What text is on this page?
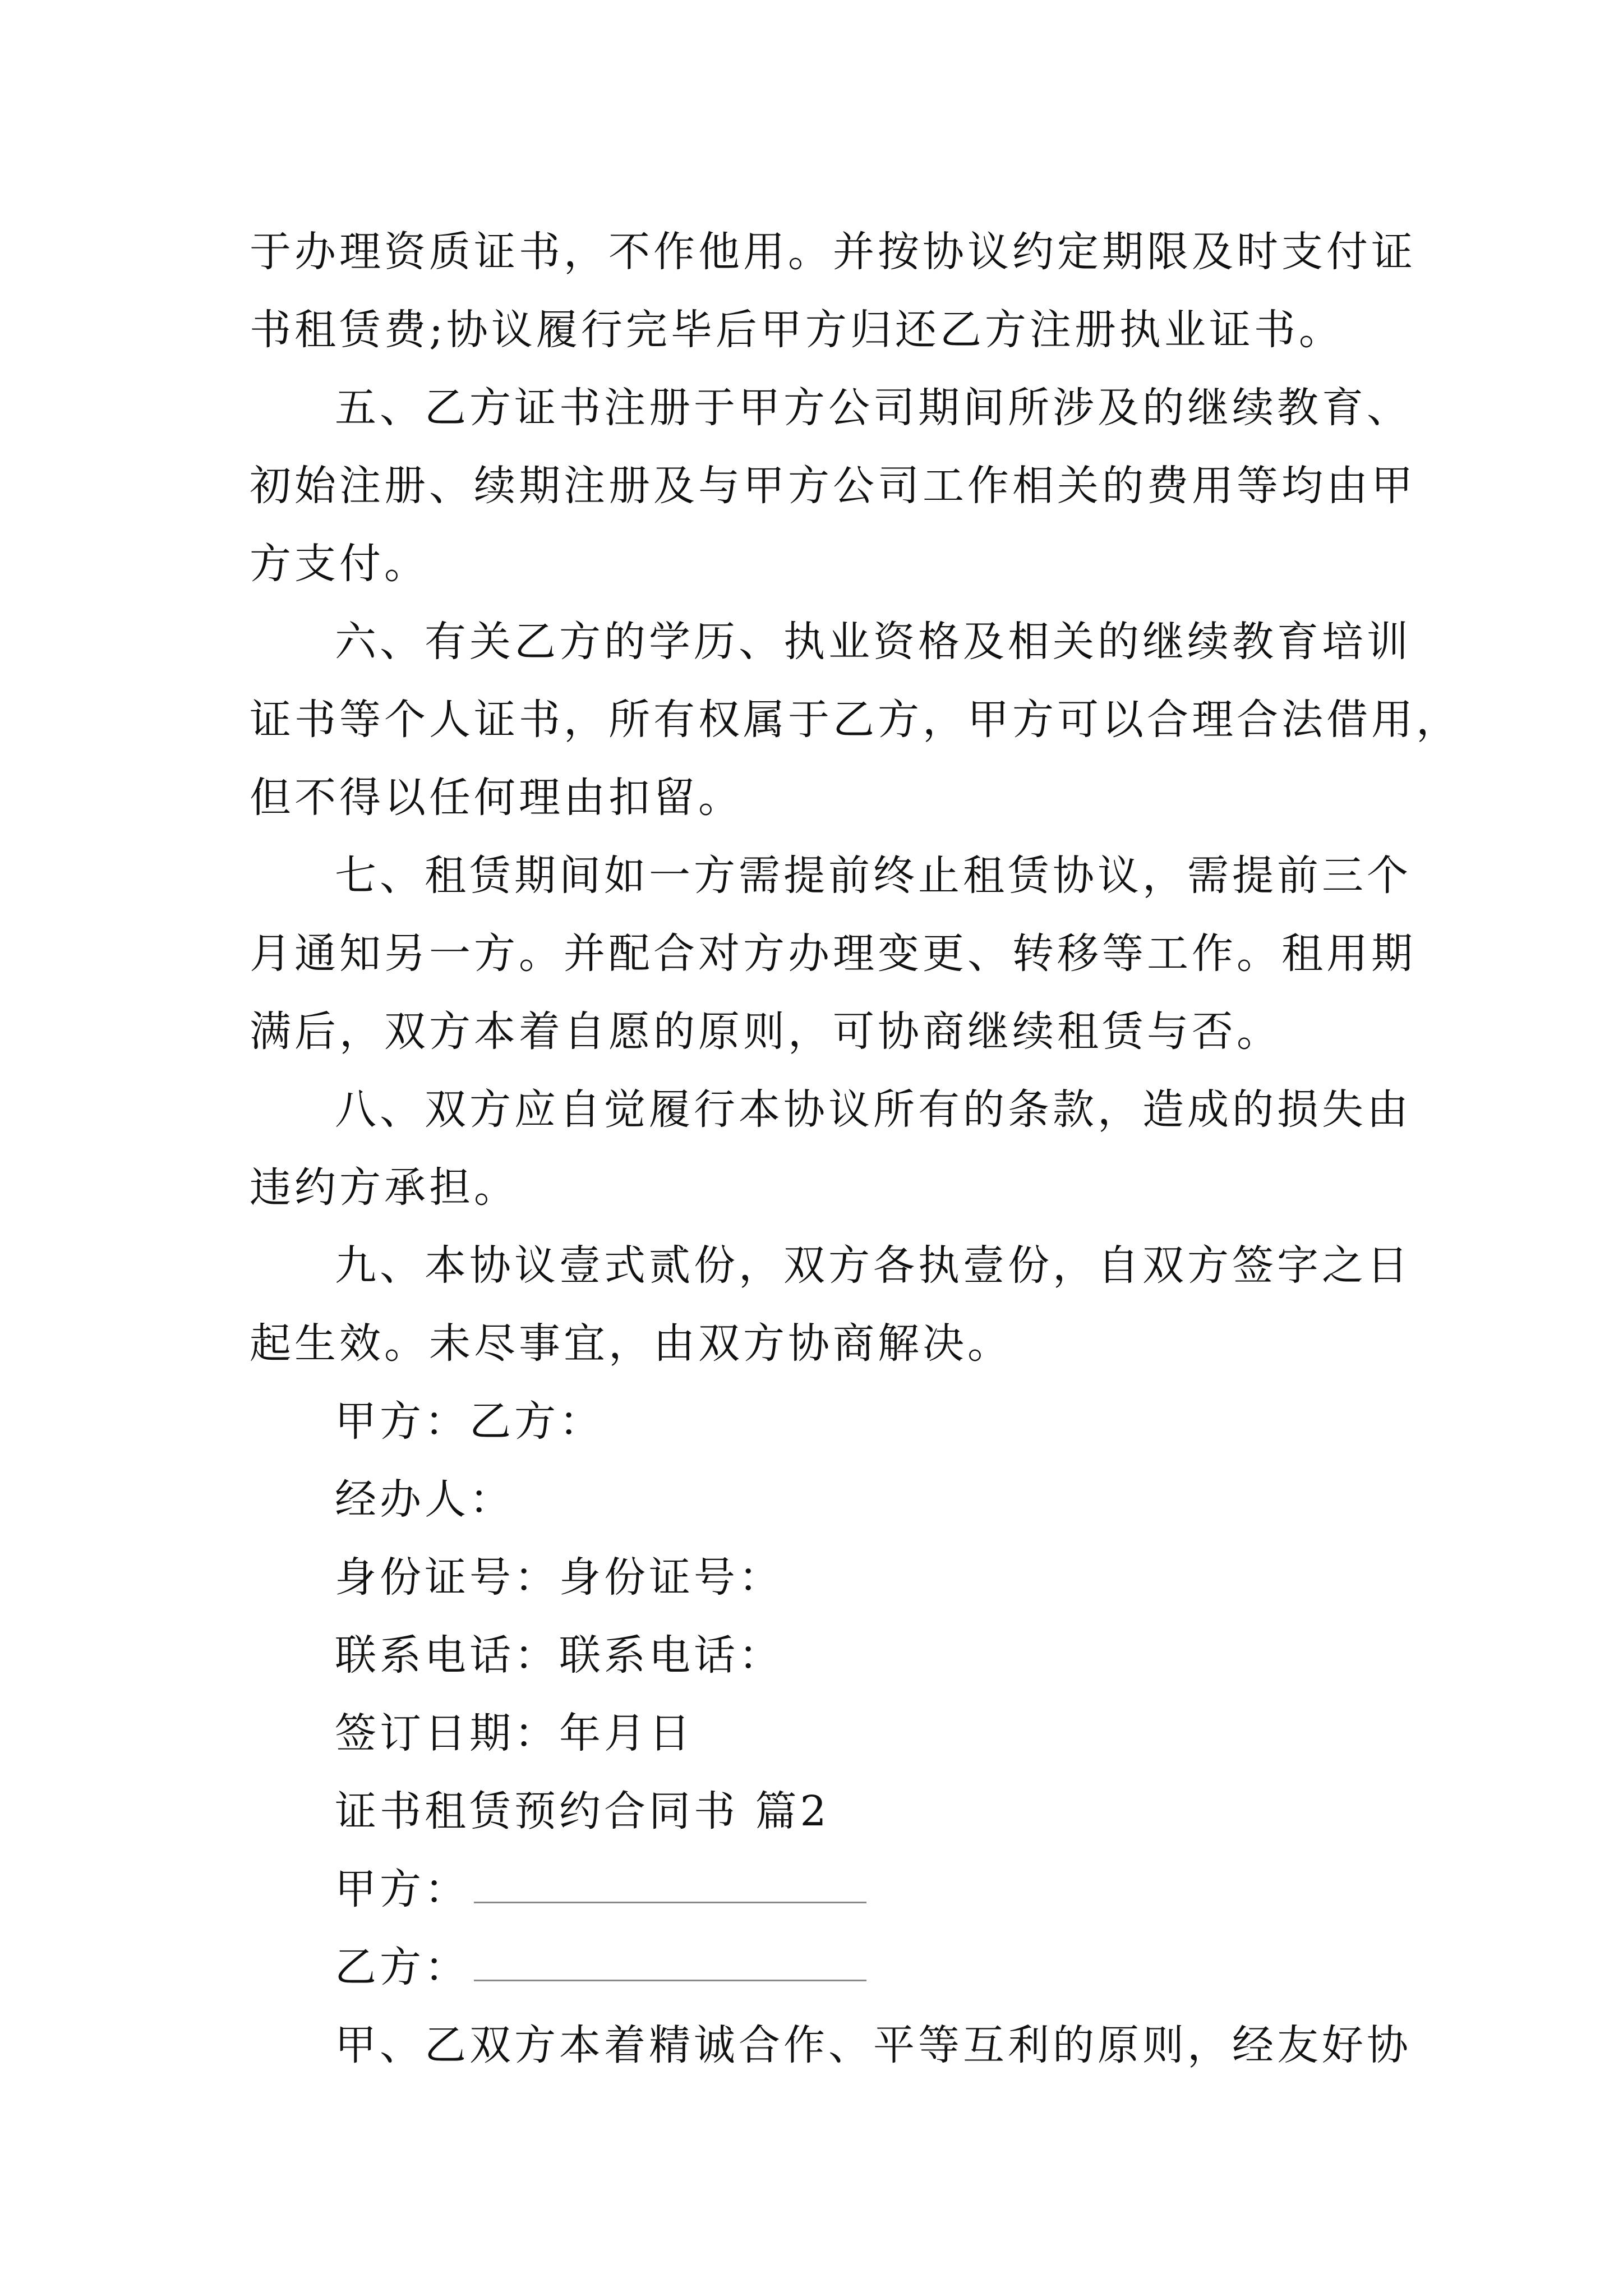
于办理资质证书，不作他用。并按协议约定期限及时支付证
书租赁费;协议履行完毕后甲方归还乙方注册执业证书。
五、乙方证书注册于甲方公司期间所涉及的继续教育、
初始注册、续期注册及与甲方公司工作相关的费用等均由甲
方支付。
六、有关乙方的学历、执业资格及相关的继续教育培训
证书等个人证书，所有权属于乙方，甲方可以合理合法借用，
但不得以任何理由扣留。
七、租赁期间如一方需提前终止租赁协议，需提前三个
月通知另一方。并配合对方办理变更、转移等工作。租用期
满后，双方本着自愿的原则，可协商继续租赁与否。
八、双方应自觉履行本协议所有的条款，造成的损失由
违约方承担。
九、本协议壹式贰份，双方各执壹份，自双方签字之日
起生效。未尽事宜，由双方协商解决。
甲方：乙方：
经办人：
身份证号：身份证号：
联系电话：联系电话：
签订日期：年月日
证书租赁预约合同书 篇2
甲方：
乙方：
甲、乙双方本着精诚合作、平等互利的原则，经友好协
